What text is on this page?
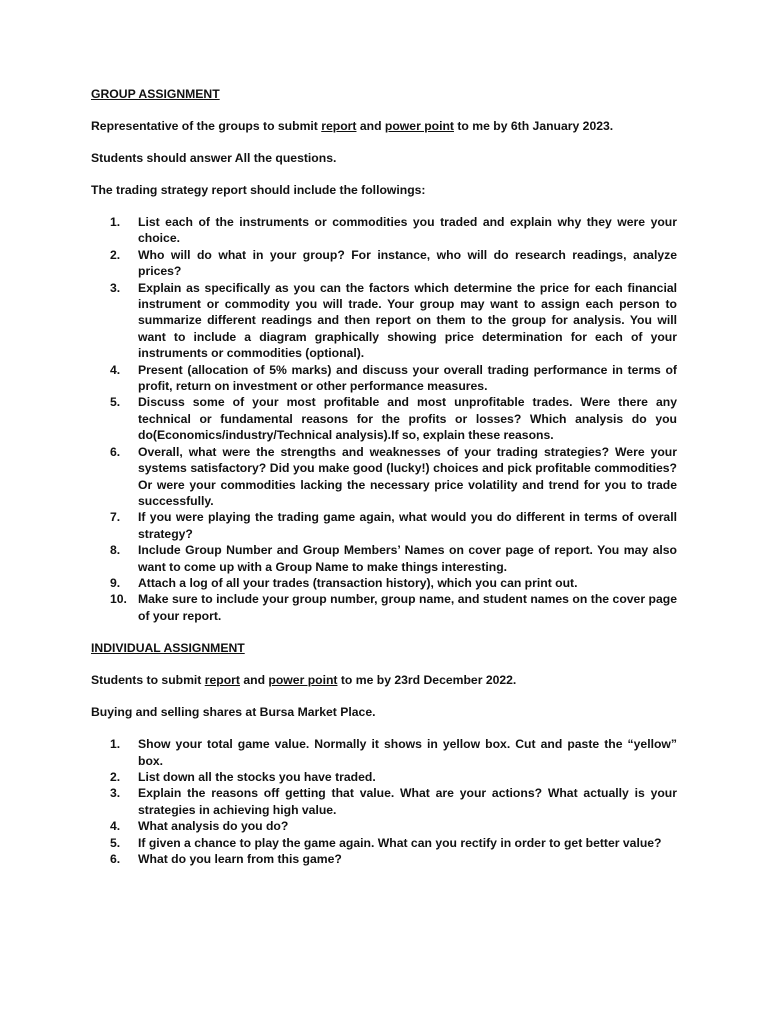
GROUP ASSIGNMENT

Representative of the groups to submit report and power point to me by 6th January 2023.

Students should answer All the questions.

The trading strategy report should include the followings:

1.	List each of the instruments or commodities you traded and explain why they were your choice.
2.	Who will do what in your group? For instance, who will do research readings, analyze prices?
3.	Explain as specifically as you can the factors which determine the price for each financial instrument or commodity you will trade. Your group may want to assign each person to summarize different readings and then report on them to the group for analysis. You will want to include a diagram graphically showing price determination for each of your instruments or commodities (optional).
4.	Present (allocation of 5% marks) and discuss your overall trading performance in terms of profit, return on investment or other performance measures.
5.	Discuss some of your most profitable and most unprofitable trades. Were there any technical or fundamental reasons for the profits or losses? Which analysis do you do(Economics/industry/Technical analysis).If so, explain these reasons.
6.	Overall, what were the strengths and weaknesses of your trading strategies? Were your systems satisfactory? Did you make good (lucky!) choices and pick profitable commodities? Or were your commodities lacking the necessary price volatility and trend for you to trade successfully.
7.	If you were playing the trading game again, what would you do different in terms of overall strategy?
8.	Include Group Number and Group Members’ Names on cover page of report. You may also want to come up with a Group Name to make things interesting.
9.	Attach a log of all your trades (transaction history), which you can print out.
10. Make sure to include your group number, group name, and student names on the cover page of your report.

INDIVIDUAL ASSIGNMENT

Students to submit report and power point to me by 23rd December 2022.

Buying and selling shares at Bursa Market Place.

1.	Show your total game value. Normally it shows in yellow box. Cut and paste the “yellow” box.
2.	List down all the stocks you have traded.
3.	Explain the reasons off getting that value. What are your actions? What actually is your strategies in achieving high value.
4.	What analysis do you do?
5.	If given a chance to play the game again. What can you rectify in order to get better value?
6.	What do you learn from this game?
